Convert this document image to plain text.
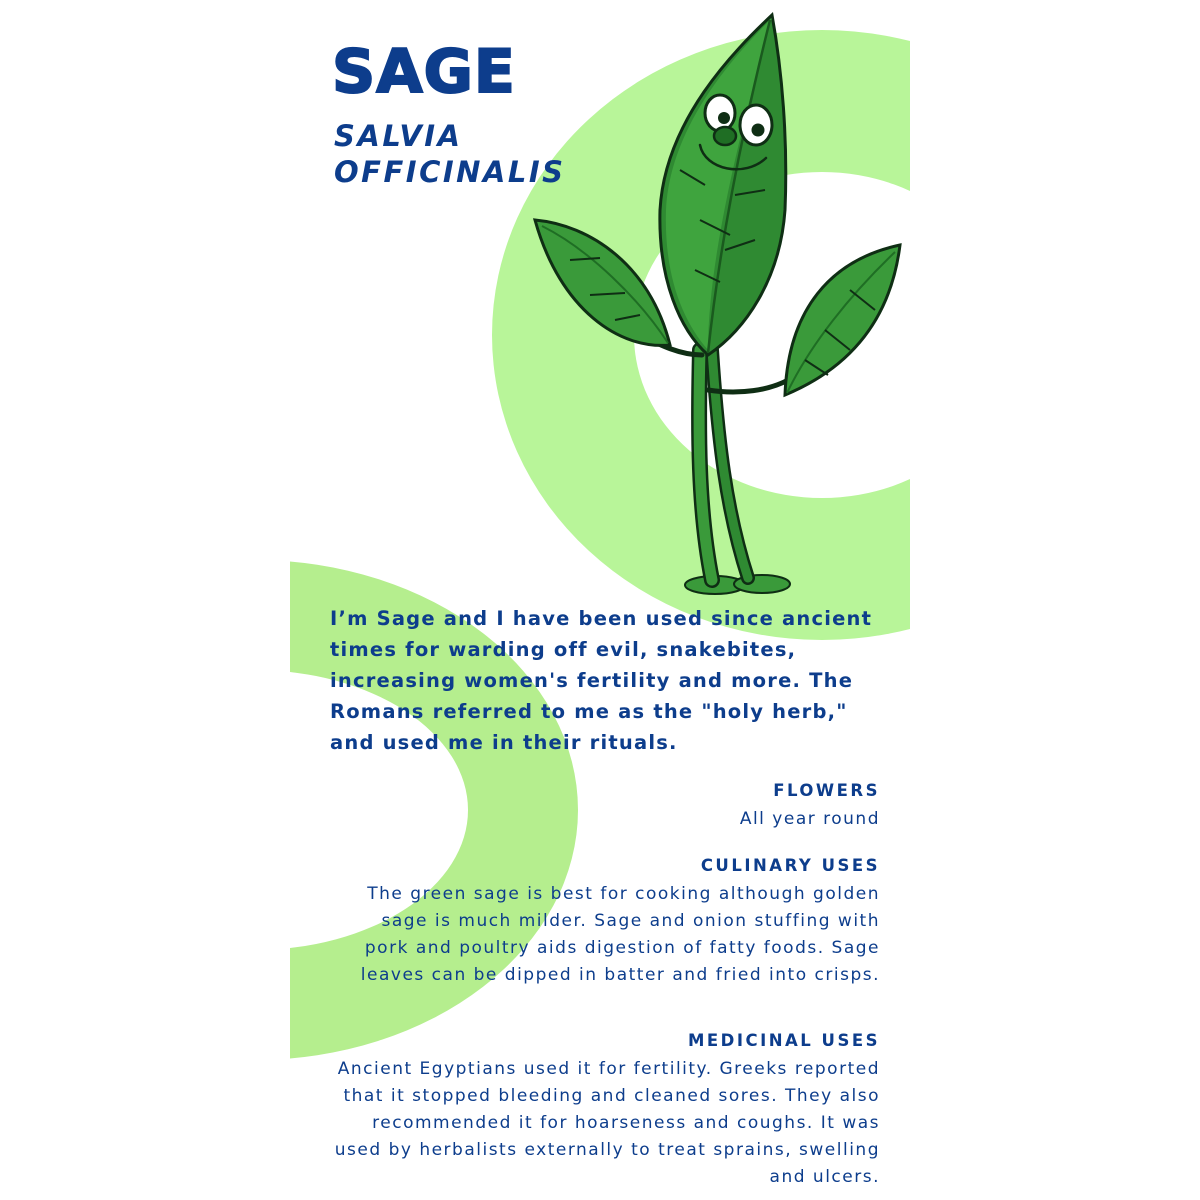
SAGE
SALVIA OFFICINALIS

I’m Sage and I have been used since ancient times for warding off evil, snakebites, increasing women's fertility and more. The Romans referred to me as the "holy herb," and used me in their rituals.

FLOWERS

All year round

CULINARY USES

The green sage is best for cooking although golden sage is much milder. Sage and onion stuffing with pork and poultry aids digestion of fatty foods. Sage leaves can be dipped in batter and fried into crisps.

MEDICINAL USES

Ancient Egyptians used it for fertility. Greeks reported that it stopped bleeding and cleaned sores. They also recommended it for hoarseness and coughs. It was used by herbalists externally to treat sprains, swelling and ulcers.
